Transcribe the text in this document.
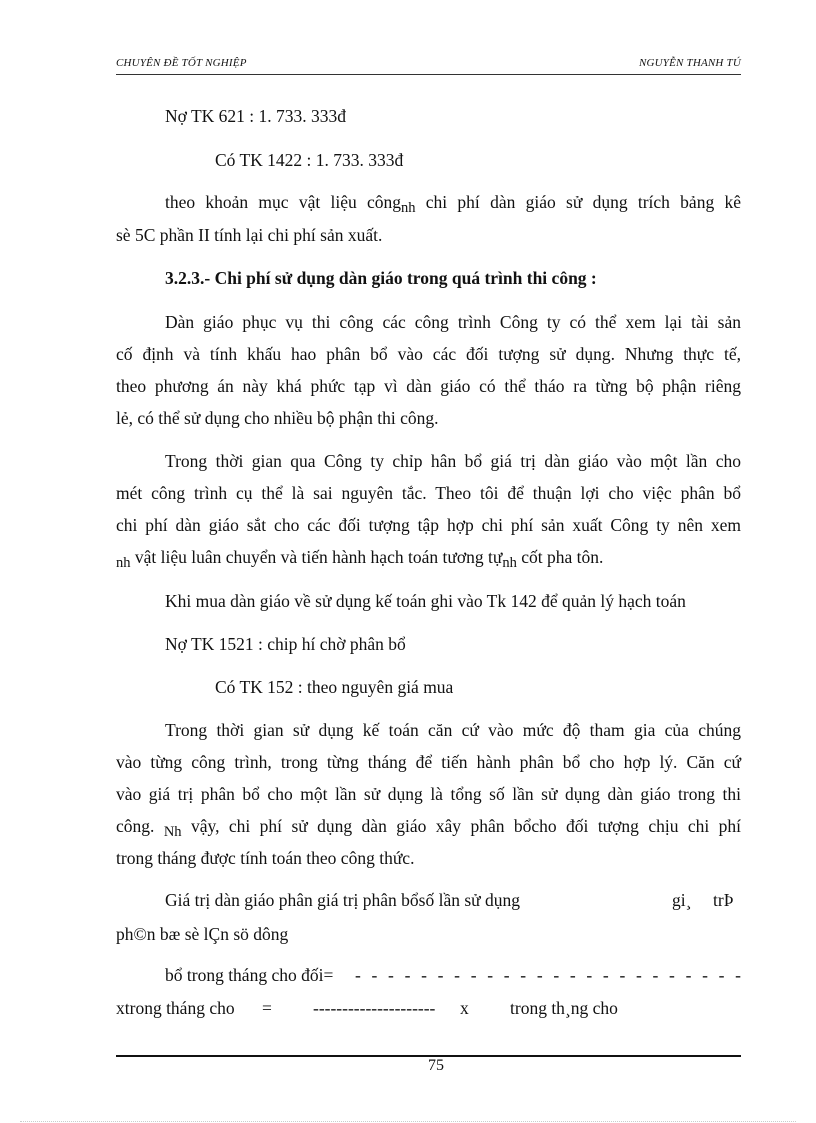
CHUYÊN ĐỀ TỐT NGHIỆP	NGUYỄN THANH TÚ
Nợ TK 621 : 1. 733. 333đ
Có TK 1422 : 1. 733. 333đ
theo khoản mục vật liệu công$_{nh}$ chi phí dàn giáo sử dụng trích bảng kê
sè 5C phần II tính lại chi phí sản xuất.
3.2.3.- Chi phí sử dụng dàn giáo trong quá trình thi công :
Dàn giáo phục vụ thi công các công trình Công ty có thể xem lại tài sản
cố định và tính khấu hao phân bổ vào các đối tượng sử dụng. Nhưng thực tế,
theo phương án này khá phức tạp vì dàn giáo có thể tháo ra từng bộ phận riêng
lẻ, có thể sử dụng cho nhiều bộ phận thi công.
Trong thời gian qua Công ty chỉp hân bổ giá trị dàn giáo vào một lần cho
mét công trình cụ thể là sai nguyên tắc. Theo tôi để thuận lợi cho việc phân bổ
chi phí dàn giáo sắt cho các đối tượng tập hợp chi phí sản xuất Công ty nên xem
$_{nh}$ vật liệu luân chuyển và tiến hành hạch toán tương tự$_{nh}$ cốt pha tôn.
Khi mua dàn giáo về sử dụng kế toán ghi vào Tk 142 để quản lý hạch toán
Nợ TK 1521 : chip hí chờ phân bổ
Có TK 152 : theo nguyên giá mua
Trong thời gian sử dụng kế toán căn cứ vào mức độ tham gia của chúng
vào từng công trình, trong từng tháng để tiến hành phân bổ cho hợp lý. Căn cứ
vào giá trị phân bổ cho một lần sử dụng là tổng số lần sử dụng dàn giáo trong thi
công. $_{Nh}$ vậy, chi phí sử dụng dàn giáo xây phân bổcho đối tượng chịu chi phí
trong tháng được tính toán theo công thức.
Giá trị dàn giáo phân giá trị phân bổsố lần sử dụng	gi¸ trÞ
ph©n bæ sè lÇn sö dông
bổ trong tháng cho đối= - - - - - - - - - - - - - - - - - - - - - - - -
xtrong tháng cho = --------------------- x trong th¸ng cho
75
